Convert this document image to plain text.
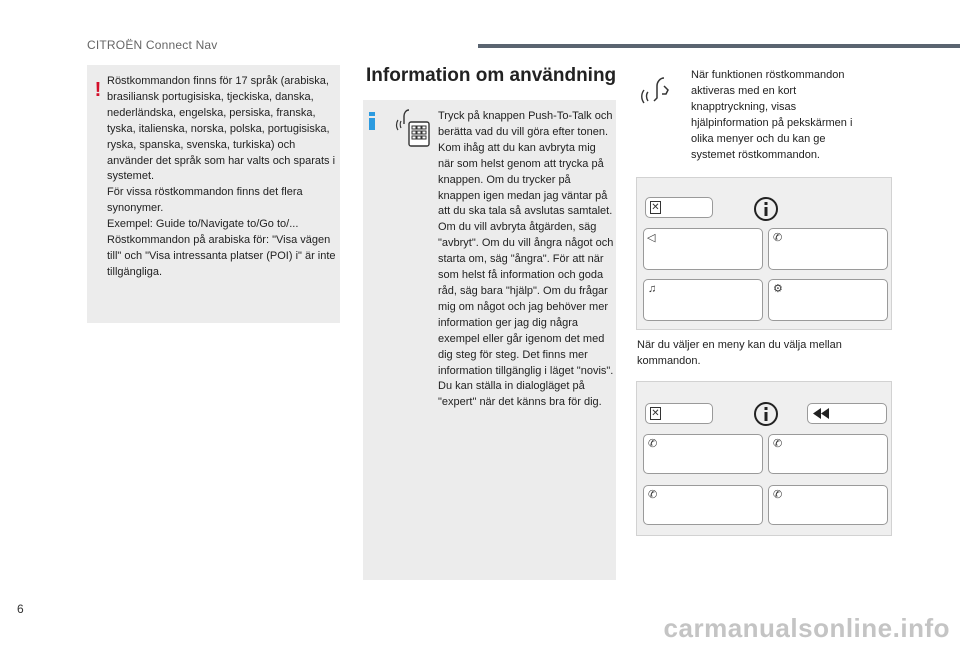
CITROËN Connect Nav
! Röstkommandon finns för 17 språk (arabiska, brasiliansk portugisiska, tjeckiska, danska, nederländska, engelska, persiska, franska, tyska, italienska, norska, polska, portugisiska, ryska, spanska, svenska, turkiska) och använder det språk som har valts och sparats i systemet.
För vissa röstkommandon finns det flera synonymer.
Exempel: Guide to/Navigate to/Go to/...
Röstkommandon på arabiska för: "Visa vägen till" och "Visa intressanta platser (POI) i" är inte tillgängliga.
Information om användning
Tryck på knappen Push-To-Talk och berätta vad du vill göra efter tonen. Kom ihåg att du kan avbryta mig när som helst genom att trycka på knappen. Om du trycker på knappen igen medan jag väntar på att du ska tala så avslutas samtalet. Om du vill avbryta åtgärden, säg "avbryt". Om du vill ångra något och starta om, säg "ångra". För att när som helst få information och goda råd, säg bara "hjälp". Om du frågar mig om något och jag behöver mer information ger jag dig några exempel eller går igenom det med dig steg för steg. Det finns mer information tillgänglig i läget "novis". Du kan ställa in dialogläget på "expert" när det känns bra för dig.
När funktionen röstkommandon aktiveras med en kort knapptryckning, visas hjälpinformation på pekskärmen i olika menyer och du kan ge systemet röstkommandon.
✕
◁	✆
♫	⚙
När du väljer en meny kan du välja mellan kommandon.
✕
✆	✆
✆	✆
6
carmanualsonline.info
